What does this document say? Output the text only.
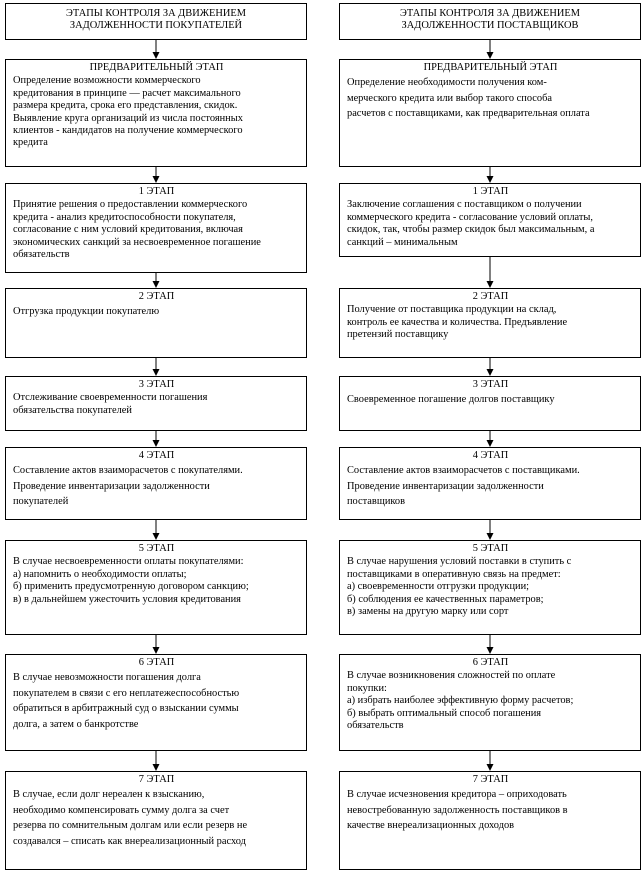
ЭТАПЫ КОНТРОЛЯ ЗА ДВИЖЕНИЕМ
ЗАДОЛЖЕННОСТИ ПОКУПАТЕЛЕЙ
ПРЕДВАРИТЕЛЬНЫЙ ЭТАП
Определение возможности коммерческого
кредитования в принципе — расчет максимального
размера кредита, срока его представления, скидок.
Выявление круга организаций из числа постоянных
клиентов - кандидатов на получение коммерческого
кредита
1 ЭТАП
Принятие решения о предоставлении коммерческого
кредита - анализ кредитоспособности покупателя,
согласование с ним условий кредитования, включая
экономических санкций за несвоевременное погашение
обязательств
2 ЭТАП
Отгрузка продукции покупателю
3 ЭТАП
Отслеживание своевременности погашения
обязательства покупателей
4 ЭТАП
Составление актов взаиморасчетов с покупателями.
Проведение инвентаризации задолженности
покупателей
5 ЭТАП
В случае несвоевременности оплаты покупателями:
а) напомнить о необходимости оплаты;
б) применить предусмотренную договором санкцию;
в) в дальнейшем ужесточить условия кредитования
6 ЭТАП
В случае невозможности погашения долга
покупателем в связи с его неплатежеспособностью
обратиться в арбитражный суд о взыскании суммы
долга, а затем о банкротстве
7 ЭТАП
В случае, если долг нереален к взысканию,
необходимо компенсировать сумму долга за счет
резерва по сомнительным долгам или если резерв не
создавался – списать как внереализационный расход
ЭТАПЫ КОНТРОЛЯ ЗА ДВИЖЕНИЕМ
ЗАДОЛЖЕННОСТИ ПОСТАВЩИКОВ
ПРЕДВАРИТЕЛЬНЫЙ ЭТАП
Определение необходимости получения ком-
мерческого кредита или выбор такого способа
расчетов с поставщиками, как предварительная оплата
1 ЭТАП
Заключение соглашения с поставщиком о получении
коммерческого кредита - согласование условий оплаты,
скидок, так, чтобы размер скидок был максимальным, а
санкций – минимальным
2 ЭТАП
Получение от поставщика продукции на склад,
контроль ее качества и количества. Предъявление
претензий поставщику
3 ЭТАП
Своевременное погашение долгов поставщику
4 ЭТАП
Составление актов взаиморасчетов с поставщиками.
Проведение инвентаризации задолженности
поставщиков
5 ЭТАП
В случае нарушения условий поставки в ступить с
поставщиками в оперативную связь на предмет:
а) своевременности отгрузки продукции;
б) соблюдения ее качественных параметров;
в) замены на другую марку или сорт
6 ЭТАП
В случае возникновения сложностей по оплате
покупки:
а) избрать наиболее эффективную форму расчетов;
б) выбрать оптимальный способ погашения
обязательств
7 ЭТАП
В случае исчезновения кредитора – оприходовать
невостребованную задолженность поставщиков в
качестве внереализационных доходов
